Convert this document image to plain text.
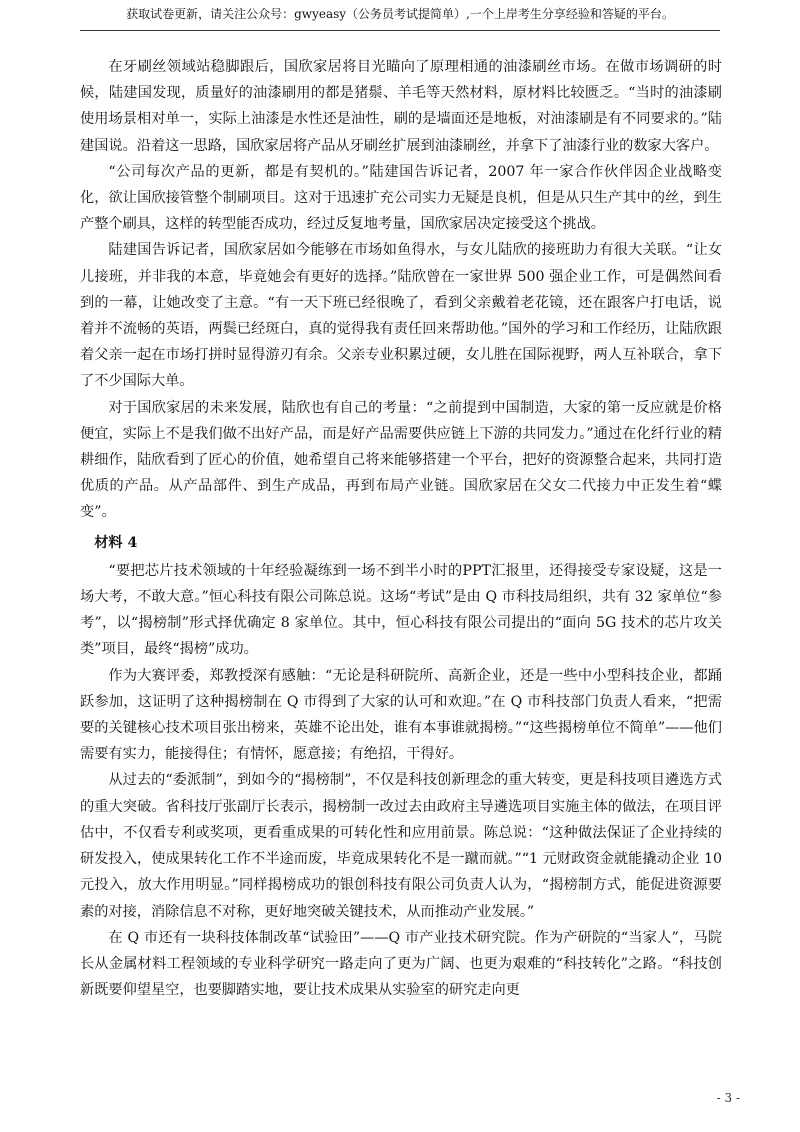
获取试卷更新，请关注公众号：gwyeasy（公务员考试提简单）,一个上岸考生分享经验和答疑的平台。

在牙刷丝领域站稳脚跟后，国欣家居将目光瞄向了原理相通的油漆刷丝市场。在做市场调研的时候，陆建国发现，质量好的油漆刷用的都是猪鬃、羊毛等天然材料，原材料比较匮乏。“当时的油漆刷使用场景相对单一，实际上油漆是水性还是油性，刷的是墙面还是地板，对油漆刷是有不同要求的。”陆建国说。沿着这一思路，国欣家居将产品从牙刷丝扩展到油漆刷丝，并拿下了油漆行业的数家大客户。

“公司每次产品的更新，都是有契机的。”陆建国告诉记者，2007 年一家合作伙伴因企业战略变化，欲让国欣接管整个制刷项目。这对于迅速扩充公司实力无疑是良机，但是从只生产其中的丝，到生产整个刷具，这样的转型能否成功，经过反复地考量，国欣家居决定接受这个挑战。

陆建国告诉记者，国欣家居如今能够在市场如鱼得水，与女儿陆欣的接班助力有很大关联。“让女儿接班，并非我的本意，毕竟她会有更好的选择。”陆欣曾在一家世界 500 强企业工作，可是偶然间看到的一幕，让她改变了主意。“有一天下班已经很晚了，看到父亲戴着老花镜，还在跟客户打电话，说着并不流畅的英语，两鬓已经斑白，真的觉得我有责任回来帮助他。”国外的学习和工作经历，让陆欣跟着父亲一起在市场打拼时显得游刃有余。父亲专业积累过硬，女儿胜在国际视野，两人互补联合，拿下了不少国际大单。

对于国欣家居的未来发展，陆欣也有自己的考量：“之前提到中国制造，大家的第一反应就是价格便宜，实际上不是我们做不出好产品，而是好产品需要供应链上下游的共同发力。”通过在化纤行业的精耕细作，陆欣看到了匠心的价值，她希望自己将来能够搭建一个平台，把好的资源整合起来，共同打造优质的产品。从产品部件、到生产成品，再到布局产业链。国欣家居在父女二代接力中正发生着“蝶变”。

材料 4

“要把芯片技术领域的十年经验凝练到一场不到半小时的PPT汇报里，还得接受专家设疑，这是一场大考，不敢大意。”恒心科技有限公司陈总说。这场“考试”是由 Q 市科技局组织，共有 32 家单位“参考”，以“揭榜制”形式择优确定 8 家单位。其中，恒心科技有限公司提出的“面向 5G 技术的芯片攻关类”项目，最终“揭榜”成功。

作为大赛评委，郑教授深有感触：“无论是科研院所、高新企业，还是一些中小型科技企业，都踊跃参加，这证明了这种揭榜制在 Q 市得到了大家的认可和欢迎。”在 Q 市科技部门负责人看来，“把需要的关键核心技术项目张出榜来，英雄不论出处，谁有本事谁就揭榜。”“这些揭榜单位不简单”——他们需要有实力，能接得住；有情怀，愿意接；有绝招，干得好。

从过去的“委派制”，到如今的“揭榜制”，不仅是科技创新理念的重大转变，更是科技项目遴选方式的重大突破。省科技厅张副厅长表示，揭榜制一改过去由政府主导遴选项目实施主体的做法，在项目评估中，不仅看专利或奖项，更看重成果的可转化性和应用前景。陈总说：“这种做法保证了企业持续的研发投入，使成果转化工作不半途而废，毕竟成果转化不是一蹴而就。”“1 元财政资金就能撬动企业 10 元投入，放大作用明显。”同样揭榜成功的银创科技有限公司负责人认为，“揭榜制方式，能促进资源要素的对接，消除信息不对称，更好地突破关键技术，从而推动产业发展。”

在 Q 市还有一块科技体制改革“试验田”——Q 市产业技术研究院。作为产研院的“当家人”，马院长从金属材料工程领域的专业科学研究一路走向了更为广阔、也更为艰难的“科技转化”之路。“科技创新既要仰望星空，也要脚踏实地，要让技术成果从实验室的研究走向更

- 3 -
